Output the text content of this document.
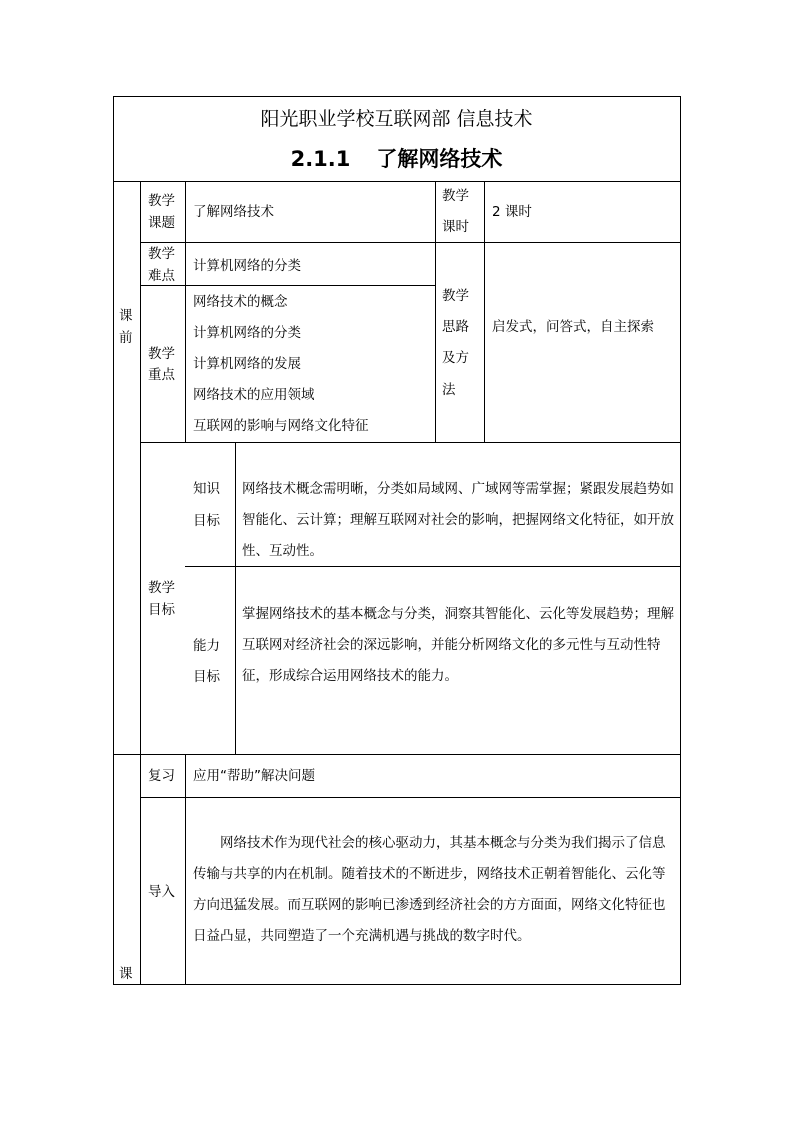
阳光职业学校互联网部 信息技术
2.1.1 了解网络技术
课
前
课
教学
课题
了解网络技术
教学
课时
2 课时
教学
难点
计算机网络的分类
教学
思路
及方
法
启发式，问答式，自主探索
教学
重点
网络技术的概念
计算机网络的分类
计算机网络的发展
网络技术的应用领域
互联网的影响与网络文化特征
教学
目标
知识
目标
网络技术概念需明晰，分类如局域网、广域网等需掌握；紧跟发展趋势如智能化、云计算；理解互联网对社会的影响，把握网络文化特征，如开放性、互动性。
能力
目标
掌握网络技术的基本概念与分类，洞察其智能化、云化等发展趋势；理解互联网对经济社会的深远影响，并能分析网络文化的多元性与互动性特征，形成综合运用网络技术的能力。
复习 应用“帮助”解决问题
导入
网络技术作为现代社会的核心驱动力，其基本概念与分类为我们揭示了信息传输与共享的内在机制。随着技术的不断进步，网络技术正朝着智能化、云化等方向迅猛发展。而互联网的影响已渗透到经济社会的方方面面，网络文化特征也日益凸显，共同塑造了一个充满机遇与挑战的数字时代。
